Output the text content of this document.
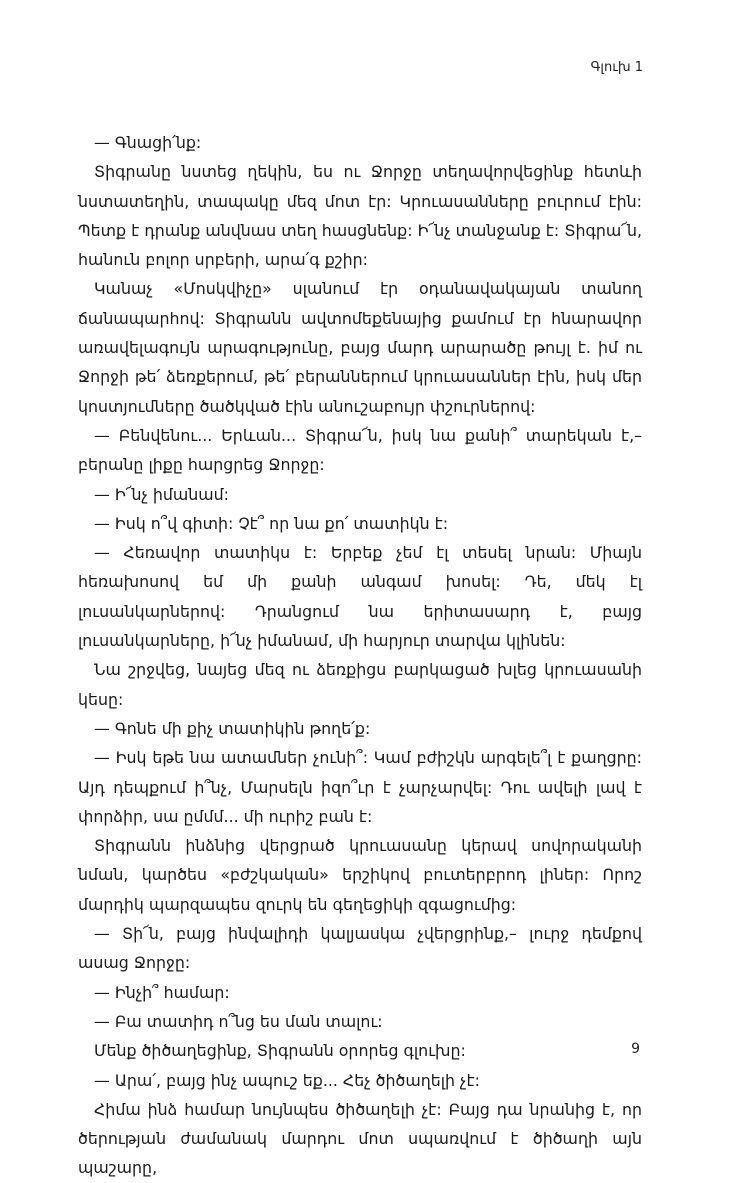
Գլուխ 1

— Գնացի՛նք:

Տիգրանը նստեց ղեկին, ես ու Ջորջը տեղավորվեցինք հետևի նստատեղին, տապակը մեզ մոտ էր: Կրուասանները բուրում էին: Պետք է դրանք անվնաս տեղ հասցնենք: Ի՜նչ տանջանք է: Տիգրա՜ն, հանուն բոլոր սրբերի, արա՛գ քշիր:

Կանաչ «Մոսկվիչը» սլանում էր օդանավակայան տանող ճանապարհով: Տիգրանն ավտոմեքենայից քամում էր հնարավոր առավելագույն արագությունը, բայց մարդ արարածը թույլ է. իմ ու Ջորջի թե՛ ձեռքերում, թե՛ բերաններում կրուասաններ էին, իսկ մեր կոստյումները ծածկված էին անուշաբույր փշուրներով:

— Բենվենու... Երևան... Տիգրա՜ն, իսկ նա քանի՞ տարեկան է,– բերանը լիքը հարցրեց Ջորջը:

— Ի՜նչ իմանամ:

— Իսկ ո՞վ գիտի: Չէ՞ որ նա քո՛ տատիկն է:

— Հեռավոր տատիկս է: Երբեք չեմ էլ տեսել նրան: Միայն հեռախոսով եմ մի քանի անգամ խոսել: Դե, մեկ էլ լուսանկարներով: Դրանցում նա երիտասարդ է, բայց լուսանկարները, ի՜նչ իմանամ, մի հարյուր տարվա կլինեն:

Նա շրջվեց, նայեց մեզ ու ձեռքիցս բարկացած խլեց կրուասանի կեսը:

— Գոնե մի քիչ տատիկին թողե՛ք:

— Իսկ եթե նա ատամներ չունի՞: Կամ բժիշկն արգելե՞լ է քաղցրը: Այդ դեպքում ի՞նչ, Մարսելն իզո՞ւր է չարչարվել: Դու ավելի լավ է փորձիր, սա ըմմմ... մի ուրիշ բան է:

Տիգրանն ինձնից վերցրած կրուասանը կերավ սովորականի նման, կարծես «բժշկական» երշիկով բուտերբրոդ լիներ: Որոշ մարդիկ պարզապես զուրկ են գեղեցիկի զգացումից:

— Տի՜ն, բայց ինվալիդի կալյասկա չվերցրինք,– լուրջ դեմքով ասաց Ջորջը:

— Ինչի՞ համար:

— Բա տատիդ ո՞նց ես ման տալու:

Մենք ծիծաղեցինք, Տիգրանն օրորեց գլուխը:

— Արա՛, բայց ինչ ապուշ եք... Հեչ ծիծաղելի չէ:

Հիմա ինձ համար նույնպես ծիծաղելի չէ: Բայց դա նրանից է, որ ծերության ժամանակ մարդու մոտ սպառվում է ծիծաղի այն պաշարը,

9
